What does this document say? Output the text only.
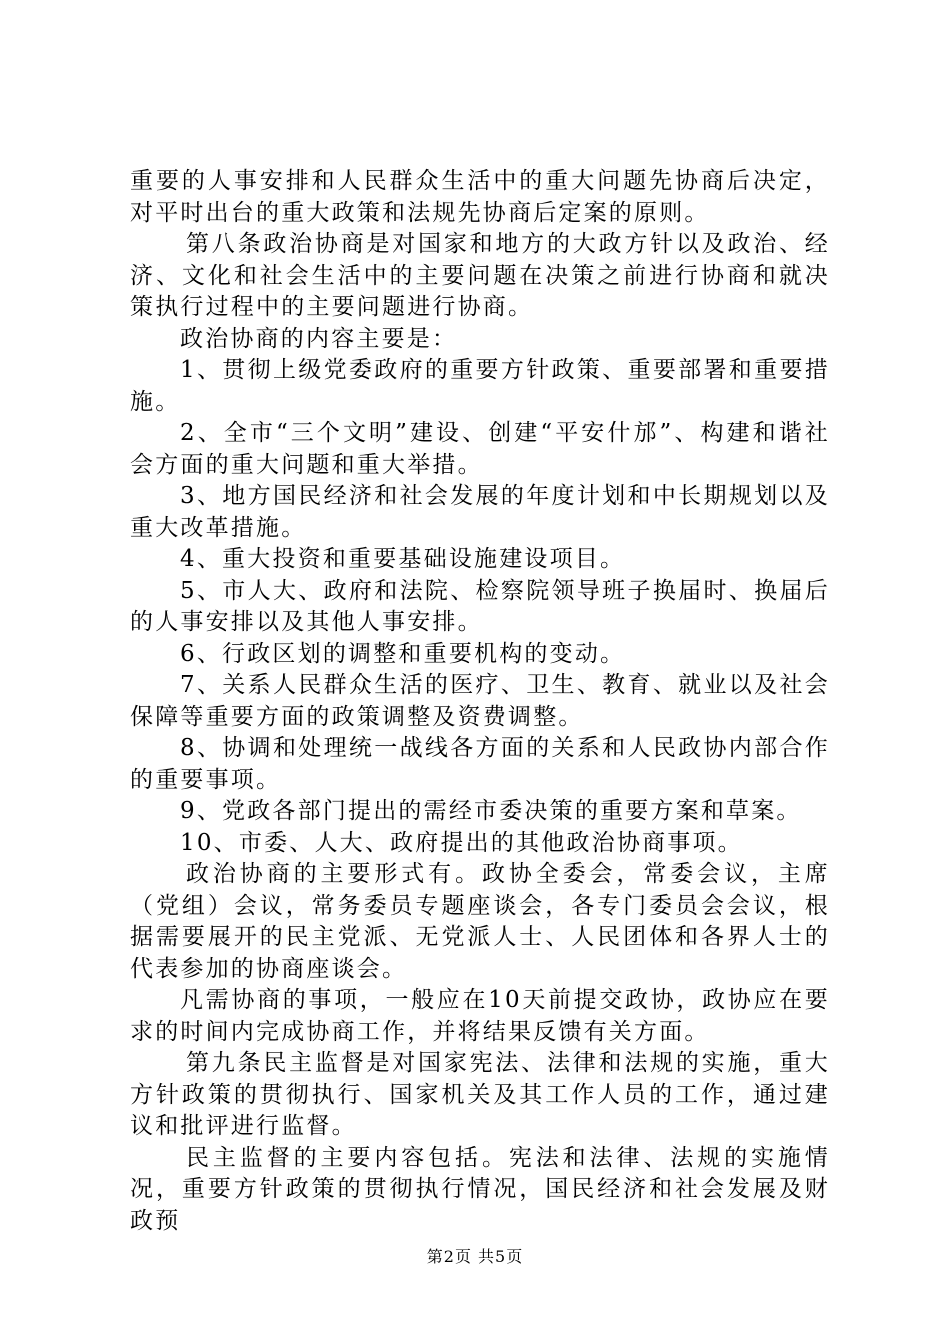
重要的人事安排和人民群众生活中的重大问题先协商后决定，对平时出台的重大政策和法规先协商后定案的原则。

第八条政治协商是对国家和地方的大政方针以及政治、经济、文化和社会生活中的主要问题在决策之前进行协商和就决策执行过程中的主要问题进行协商。

政治协商的内容主要是：

1、贯彻上级党委政府的重要方针政策、重要部署和重要措施。

2、全市“三个文明”建设、创建“平安什邡”、构建和谐社会方面的重大问题和重大举措。

3、地方国民经济和社会发展的年度计划和中长期规划以及重大改革措施。

4、重大投资和重要基础设施建设项目。

5、市人大、政府和法院、检察院领导班子换届时、换届后的人事安排以及其他人事安排。

6、行政区划的调整和重要机构的变动。

7、关系人民群众生活的医疗、卫生、教育、就业以及社会保障等重要方面的政策调整及资费调整。

8、协调和处理统一战线各方面的关系和人民政协内部合作的重要事项。

9、党政各部门提出的需经市委决策的重要方案和草案。

10、市委、人大、政府提出的其他政治协商事项。

政治协商的主要形式有。政协全委会，常委会议，主席（党组）会议，常务委员专题座谈会，各专门委员会会议，根据需要展开的民主党派、无党派人士、人民团体和各界人士的代表参加的协商座谈会。

凡需协商的事项，一般应在10天前提交政协，政协应在要求的时间内完成协商工作，并将结果反馈有关方面。

第九条民主监督是对国家宪法、法律和法规的实施，重大方针政策的贯彻执行、国家机关及其工作人员的工作，通过建议和批评进行监督。

民主监督的主要内容包括。宪法和法律、法规的实施情况，重要方针政策的贯彻执行情况，国民经济和社会发展及财政预

第2页 共5页
